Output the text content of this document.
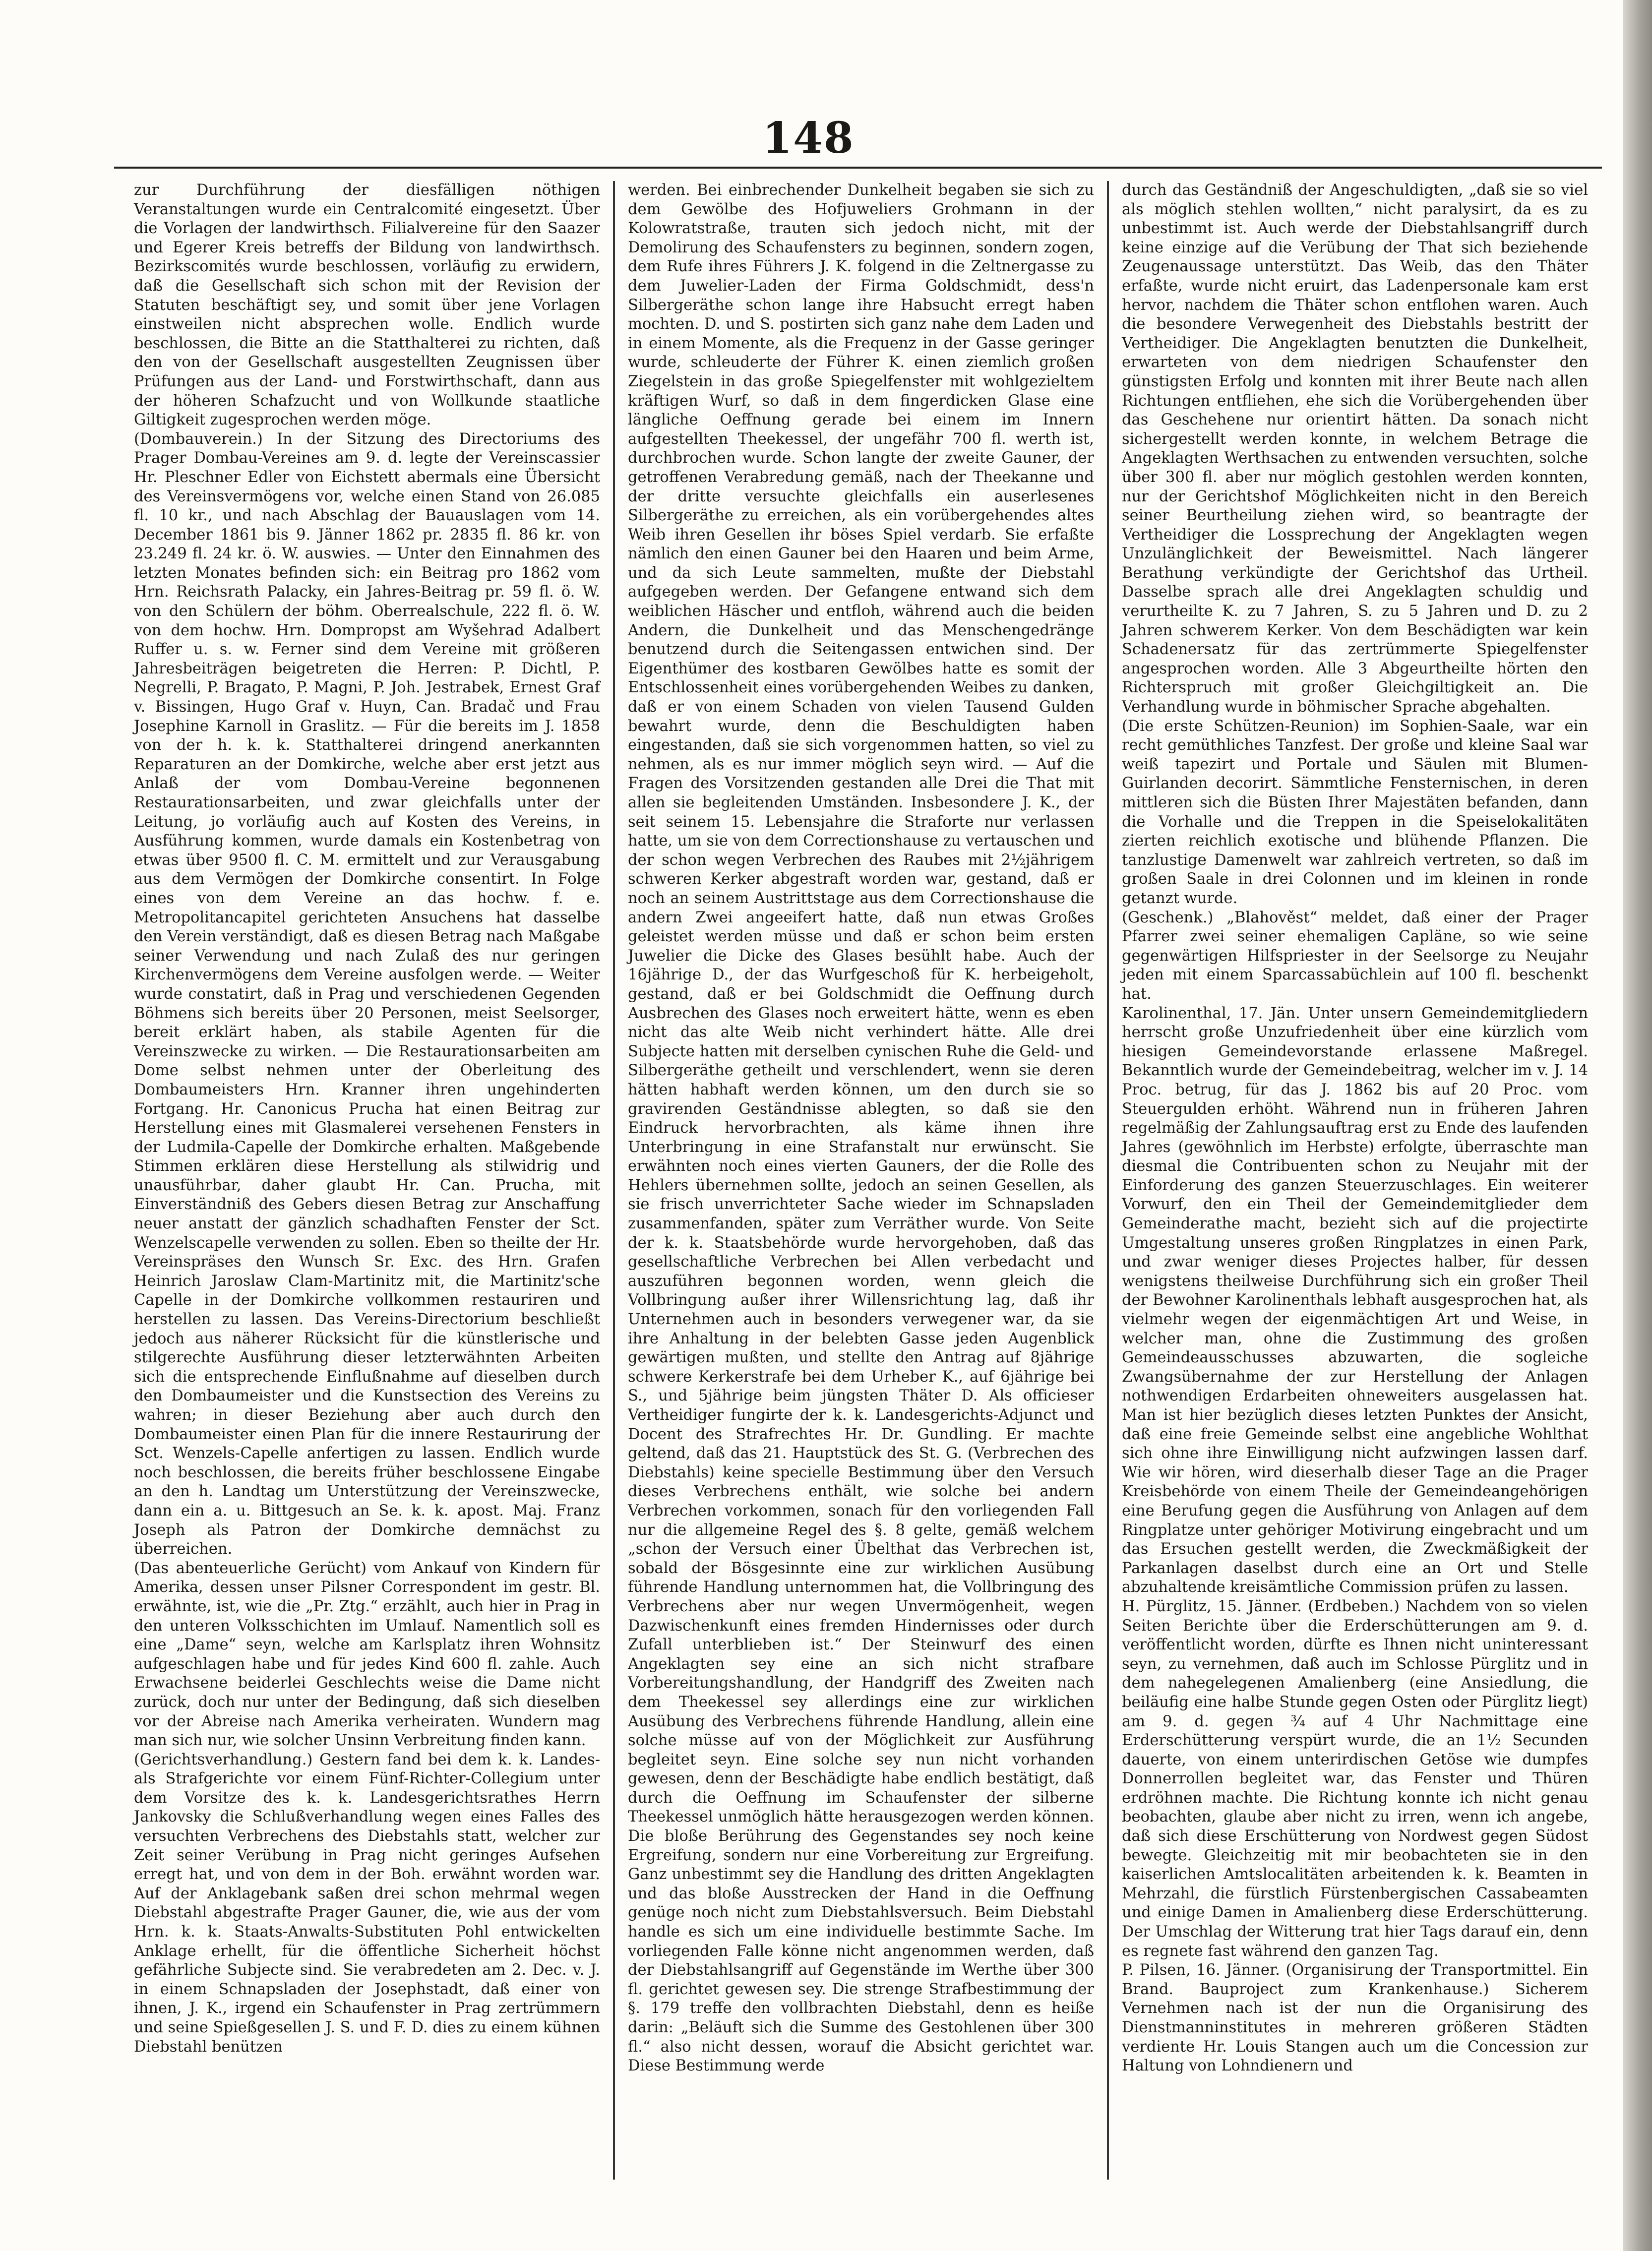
148

zur Durchführung der diesfälligen nöthigen Veranstaltungen wurde ein Centralcomité eingesetzt. Über die Vorlagen der landwirthsch. Filialvereine für den Saazer und Egerer Kreis betreffs der Bildung von landwirthsch. Bezirkscomités wurde beschlossen, vorläufig zu erwidern, daß die Gesellschaft sich schon mit der Revision der Statuten beschäftigt sey, und somit über jene Vorlagen einstweilen nicht absprechen wolle. Endlich wurde beschlossen, die Bitte an die Statthalterei zu richten, daß den von der Gesellschaft ausgestellten Zeugnissen über Prüfungen aus der Land- und Forstwirthschaft, dann aus der höheren Schafzucht und von Wollkunde staatliche Giltigkeit zugesprochen werden möge.

(Dombauverein.) In der Sitzung des Directoriums des Prager Dombau-Vereines am 9. d. legte der Vereinscassier Hr. Pleschner Edler von Eichstett abermals eine Übersicht des Vereinsvermögens vor, welche einen Stand von 26.085 fl. 10 kr., und nach Abschlag der Bauauslagen vom 14. December 1861 bis 9. Jänner 1862 pr. 2835 fl. 86 kr. von 23.249 fl. 24 kr. ö. W. auswies. — Unter den Einnahmen des letzten Monates befinden sich: ein Beitrag pro 1862 vom Hrn. Reichsrath Palacky, ein Jahres-Beitrag pr. 59 fl. ö. W. von den Schülern der böhm. Oberrealschule, 222 fl. ö. W. von dem hochw. Hrn. Dompropst am Wyšehrad Adalbert Ruffer u. s. w. Ferner sind dem Vereine mit größeren Jahresbeiträgen beigetreten die Herren: P. Dichtl, P. Negrelli, P. Bragato, P. Magni, P. Joh. Jestrabek, Ernest Graf v. Bissingen, Hugo Graf v. Huyn, Can. Bradač und Frau Josephine Karnoll in Graslitz. — Für die bereits im J. 1858 von der h. k. k. Statthalterei dringend anerkannten Reparaturen an der Domkirche, welche aber erst jetzt aus Anlaß der vom Dombau-Vereine begonnenen Restaurationsarbeiten, und zwar gleichfalls unter der Leitung, jo vorläufig auch auf Kosten des Vereins, in Ausführung kommen, wurde damals ein Kostenbetrag von etwas über 9500 fl. C. M. ermittelt und zur Verausgabung aus dem Vermögen der Domkirche consentirt. In Folge eines von dem Vereine an das hochw. f. e. Metropolitancapitel gerichteten Ansuchens hat dasselbe den Verein verständigt, daß es diesen Betrag nach Maßgabe seiner Verwendung und nach Zulaß des nur geringen Kirchenvermögens dem Vereine ausfolgen werde. — Weiter wurde constatirt, daß in Prag und verschiedenen Gegenden Böhmens sich bereits über 20 Personen, meist Seelsorger, bereit erklärt haben, als stabile Agenten für die Vereinszwecke zu wirken. — Die Restaurationsarbeiten am Dome selbst nehmen unter der Oberleitung des Dombaumeisters Hrn. Kranner ihren ungehinderten Fortgang. Hr. Canonicus Prucha hat einen Beitrag zur Herstellung eines mit Glasmalerei versehenen Fensters in der Ludmila-Capelle der Domkirche erhalten. Maßgebende Stimmen erklären diese Herstellung als stilwidrig und unausführbar, daher glaubt Hr. Can. Prucha, mit Einverständniß des Gebers diesen Betrag zur Anschaffung neuer anstatt der gänzlich schadhaften Fenster der Sct. Wenzelscapelle verwenden zu sollen. Eben so theilte der Hr. Vereinspräses den Wunsch Sr. Exc. des Hrn. Grafen Heinrich Jaroslaw Clam-Martinitz mit, die Martinitz'sche Capelle in der Domkirche vollkommen restauriren und herstellen zu lassen. Das Vereins-Directorium beschließt jedoch aus näherer Rücksicht für die künstlerische und stilgerechte Ausführung dieser letzterwähnten Arbeiten sich die entsprechende Einflußnahme auf dieselben durch den Dombaumeister und die Kunstsection des Vereins zu wahren; in dieser Beziehung aber auch durch den Dombaumeister einen Plan für die innere Restaurirung der Sct. Wenzels-Capelle anfertigen zu lassen. Endlich wurde noch beschlossen, die bereits früher beschlossene Eingabe an den h. Landtag um Unterstützung der Vereinszwecke, dann ein a. u. Bittgesuch an Se. k. k. apost. Maj. Franz Joseph als Patron der Domkirche demnächst zu überreichen.

(Das abenteuerliche Gerücht) vom Ankauf von Kindern für Amerika, dessen unser Pilsner Correspondent im gestr. Bl. erwähnte, ist, wie die „Pr. Ztg.“ erzählt, auch hier in Prag in den unteren Volksschichten im Umlauf. Namentlich soll es eine „Dame“ seyn, welche am Karlsplatz ihren Wohnsitz aufgeschlagen habe und für jedes Kind 600 fl. zahle. Auch Erwachsene beiderlei Geschlechts weise die Dame nicht zurück, doch nur unter der Bedingung, daß sich dieselben vor der Abreise nach Amerika verheiraten. Wundern mag man sich nur, wie solcher Unsinn Verbreitung finden kann.

(Gerichtsverhandlung.) Gestern fand bei dem k. k. Landes- als Strafgerichte vor einem Fünf-Richter-Collegium unter dem Vorsitze des k. k. Landesgerichtsrathes Herrn Jankovsky die Schlußverhandlung wegen eines Falles des versuchten Verbrechens des Diebstahls statt, welcher zur Zeit seiner Verübung in Prag nicht geringes Aufsehen erregt hat, und von dem in der Boh. erwähnt worden war. Auf der Anklagebank saßen drei schon mehrmal wegen Diebstahl abgestrafte Prager Gauner, die, wie aus der vom Hrn. k. k. Staats-Anwalts-Substituten Pohl entwickelten Anklage erhellt, für die öffentliche Sicherheit höchst gefährliche Subjecte sind. Sie verabredeten am 2. Dec. v. J. in einem Schnapsladen der Josephstadt, daß einer von ihnen, J. K., irgend ein Schaufenster in Prag zertrümmern und seine Spießgesellen J. S. und F. D. dies zu einem kühnen Diebstahl benützen

werden. Bei einbrechender Dunkelheit begaben sie sich zu dem Gewölbe des Hofjuweliers Grohmann in der Kolowratstraße, trauten sich jedoch nicht, mit der Demolirung des Schaufensters zu beginnen, sondern zogen, dem Rufe ihres Führers J. K. folgend in die Zeltnergasse zu dem Juwelier-Laden der Firma Goldschmidt, dess'n Silbergeräthe schon lange ihre Habsucht erregt haben mochten. D. und S. postirten sich ganz nahe dem Laden und in einem Momente, als die Frequenz in der Gasse geringer wurde, schleuderte der Führer K. einen ziemlich großen Ziegelstein in das große Spiegelfenster mit wohlgezieltem kräftigen Wurf, so daß in dem fingerdicken Glase eine längliche Oeffnung gerade bei einem im Innern aufgestellten Theekessel, der ungefähr 700 fl. werth ist, durchbrochen wurde. Schon langte der zweite Gauner, der getroffenen Verabredung gemäß, nach der Theekanne und der dritte versuchte gleichfalls ein auserlesenes Silbergeräthe zu erreichen, als ein vorübergehendes altes Weib ihren Gesellen ihr böses Spiel verdarb. Sie erfaßte nämlich den einen Gauner bei den Haaren und beim Arme, und da sich Leute sammelten, mußte der Diebstahl aufgegeben werden. Der Gefangene entwand sich dem weiblichen Häscher und entfloh, während auch die beiden Andern, die Dunkelheit und das Menschengedränge benutzend durch die Seitengassen entwichen sind. Der Eigenthümer des kostbaren Gewölbes hatte es somit der Entschlossenheit eines vorübergehenden Weibes zu danken, daß er von einem Schaden von vielen Tausend Gulden bewahrt wurde, denn die Beschuldigten haben eingestanden, daß sie sich vorgenommen hatten, so viel zu nehmen, als es nur immer möglich seyn wird. — Auf die Fragen des Vorsitzenden gestanden alle Drei die That mit allen sie begleitenden Umständen. Insbesondere J. K., der seit seinem 15. Lebensjahre die Straforte nur verlassen hatte, um sie von dem Correctionshause zu vertauschen und der schon wegen Verbrechen des Raubes mit 2½jährigem schweren Kerker abgestraft worden war, gestand, daß er noch an seinem Austrittstage aus dem Correctionshause die andern Zwei angeeifert hatte, daß nun etwas Großes geleistet werden müsse und daß er schon beim ersten Juwelier die Dicke des Glases besühlt habe. Auch der 16jährige D., der das Wurfgeschoß für K. herbeigeholt, gestand, daß er bei Goldschmidt die Oeffnung durch Ausbrechen des Glases noch erweitert hätte, wenn es eben nicht das alte Weib nicht verhindert hätte. Alle drei Subjecte hatten mit derselben cynischen Ruhe die Geld- und Silbergeräthe getheilt und verschlendert, wenn sie deren hätten habhaft werden können, um den durch sie so gravirenden Geständnisse ablegten, so daß sie den Eindruck hervorbrachten, als käme ihnen ihre Unterbringung in eine Strafanstalt nur erwünscht. Sie erwähnten noch eines vierten Gauners, der die Rolle des Hehlers übernehmen sollte, jedoch an seinen Gesellen, als sie frisch unverrichteter Sache wieder im Schnapsladen zusammenfanden, später zum Verräther wurde. Von Seite der k. k. Staatsbehörde wurde hervorgehoben, daß das gesellschaftliche Verbrechen bei Allen verbedacht und auszuführen begonnen worden, wenn gleich die Vollbringung außer ihrer Willensrichtung lag, daß ihr Unternehmen auch in besonders verwegener war, da sie ihre Anhaltung in der belebten Gasse jeden Augenblick gewärtigen mußten, und stellte den Antrag auf 8jährige schwere Kerkerstrafe bei dem Urheber K., auf 6jährige bei S., und 5jährige beim jüngsten Thäter D. Als officieser Vertheidiger fungirte der k. k. Landesgerichts-Adjunct und Docent des Strafrechtes Hr. Dr. Gundling. Er machte geltend, daß das 21. Hauptstück des St. G. (Verbrechen des Diebstahls) keine specielle Bestimmung über den Versuch dieses Verbrechens enthält, wie solche bei andern Verbrechen vorkommen, sonach für den vorliegenden Fall nur die allgemeine Regel des §. 8 gelte, gemäß welchem „schon der Versuch einer Übelthat das Verbrechen ist, sobald der Bösgesinnte eine zur wirklichen Ausübung führende Handlung unternommen hat, die Vollbringung des Verbrechens aber nur wegen Unvermögenheit, wegen Dazwischenkunft eines fremden Hindernisses oder durch Zufall unterblieben ist.“ Der Steinwurf des einen Angeklagten sey eine an sich nicht strafbare Vorbereitungshandlung, der Handgriff des Zweiten nach dem Theekessel sey allerdings eine zur wirklichen Ausübung des Verbrechens führende Handlung, allein eine solche müsse auf von der Möglichkeit zur Ausführung begleitet seyn. Eine solche sey nun nicht vorhanden gewesen, denn der Beschädigte habe endlich bestätigt, daß durch die Oeffnung im Schaufenster der silberne Theekessel unmöglich hätte herausgezogen werden können. Die bloße Berührung des Gegenstandes sey noch keine Ergreifung, sondern nur eine Vorbereitung zur Ergreifung. Ganz unbestimmt sey die Handlung des dritten Angeklagten und das bloße Ausstrecken der Hand in die Oeffnung genüge noch nicht zum Diebstahlsversuch. Beim Diebstahl handle es sich um eine individuelle bestimmte Sache. Im vorliegenden Falle könne nicht angenommen werden, daß der Diebstahlsangriff auf Gegenstände im Werthe über 300 fl. gerichtet gewesen sey. Die strenge Strafbestimmung der §. 179 treffe den vollbrachten Diebstahl, denn es heiße darin: „Beläuft sich die Summe des Gestohlenen über 300 fl.“ also nicht dessen, worauf die Absicht gerichtet war. Diese Bestimmung werde

durch das Geständniß der Angeschuldigten, „daß sie so viel als möglich stehlen wollten,“ nicht paralysirt, da es zu unbestimmt ist. Auch werde der Diebstahlsangriff durch keine einzige auf die Verübung der That sich beziehende Zeugenaussage unterstützt. Das Weib, das den Thäter erfaßte, wurde nicht eruirt, das Ladenpersonale kam erst hervor, nachdem die Thäter schon entflohen waren. Auch die besondere Verwegenheit des Diebstahls bestritt der Vertheidiger. Die Angeklagten benutzten die Dunkelheit, erwarteten von dem niedrigen Schaufenster den günstigsten Erfolg und konnten mit ihrer Beute nach allen Richtungen entfliehen, ehe sich die Vorübergehenden über das Geschehene nur orientirt hätten. Da sonach nicht sichergestellt werden konnte, in welchem Betrage die Angeklagten Werthsachen zu entwenden versuchten, solche über 300 fl. aber nur möglich gestohlen werden konnten, nur der Gerichtshof Möglichkeiten nicht in den Bereich seiner Beurtheilung ziehen wird, so beantragte der Vertheidiger die Lossprechung der Angeklagten wegen Unzulänglichkeit der Beweismittel. Nach längerer Berathung verkündigte der Gerichtshof das Urtheil. Dasselbe sprach alle drei Angeklagten schuldig und verurtheilte K. zu 7 Jahren, S. zu 5 Jahren und D. zu 2 Jahren schwerem Kerker. Von dem Beschädigten war kein Schadenersatz für das zertrümmerte Spiegelfenster angesprochen worden. Alle 3 Abgeurtheilte hörten den Richterspruch mit großer Gleichgiltigkeit an. Die Verhandlung wurde in böhmischer Sprache abgehalten.

(Die erste Schützen-Reunion) im Sophien-Saale, war ein recht gemüthliches Tanzfest. Der große und kleine Saal war weiß tapezirt und Portale und Säulen mit Blumen-Guirlanden decorirt. Sämmtliche Fensternischen, in deren mittleren sich die Büsten Ihrer Majestäten befanden, dann die Vorhalle und die Treppen in die Speiselokalitäten zierten reichlich exotische und blühende Pflanzen. Die tanzlustige Damenwelt war zahlreich vertreten, so daß im großen Saale in drei Colonnen und im kleinen in ronde getanzt wurde.

(Geschenk.) „Blahověst“ meldet, daß einer der Prager Pfarrer zwei seiner ehemaligen Capläne, so wie seine gegenwärtigen Hilfspriester in der Seelsorge zu Neujahr jeden mit einem Sparcassabüchlein auf 100 fl. beschenkt hat.

Karolinenthal, 17. Jän. Unter unsern Gemeindemitgliedern herrscht große Unzufriedenheit über eine kürzlich vom hiesigen Gemeindevorstande erlassene Maßregel. Bekanntlich wurde der Gemeindebeitrag, welcher im v. J. 14 Proc. betrug, für das J. 1862 bis auf 20 Proc. vom Steuergulden erhöht. Während nun in früheren Jahren regelmäßig der Zahlungsauftrag erst zu Ende des laufenden Jahres (gewöhnlich im Herbste) erfolgte, überraschte man diesmal die Contribuenten schon zu Neujahr mit der Einforderung des ganzen Steuerzuschlages. Ein weiterer Vorwurf, den ein Theil der Gemeindemitglieder dem Gemeinderathe macht, bezieht sich auf die projectirte Umgestaltung unseres großen Ringplatzes in einen Park, und zwar weniger dieses Projectes halber, für dessen wenigstens theilweise Durchführung sich ein großer Theil der Bewohner Karolinenthals lebhaft ausgesprochen hat, als vielmehr wegen der eigenmächtigen Art und Weise, in welcher man, ohne die Zustimmung des großen Gemeindeausschusses abzuwarten, die sogleiche Zwangsübernahme der zur Herstellung der Anlagen nothwendigen Erdarbeiten ohneweiters ausgelassen hat. Man ist hier bezüglich dieses letzten Punktes der Ansicht, daß eine freie Gemeinde selbst eine angebliche Wohlthat sich ohne ihre Einwilligung nicht aufzwingen lassen darf. Wie wir hören, wird dieserhalb dieser Tage an die Prager Kreisbehörde von einem Theile der Gemeindeangehörigen eine Berufung gegen die Ausführung von Anlagen auf dem Ringplatze unter gehöriger Motivirung eingebracht und um das Ersuchen gestellt werden, die Zweckmäßigkeit der Parkanlagen daselbst durch eine an Ort und Stelle abzuhaltende kreisämtliche Commission prüfen zu lassen.

H. Pürglitz, 15. Jänner. (Erdbeben.) Nachdem von so vielen Seiten Berichte über die Erderschütterungen am 9. d. veröffentlicht worden, dürfte es Ihnen nicht uninteressant seyn, zu vernehmen, daß auch im Schlosse Pürglitz und in dem nahegelegenen Amalienberg (eine Ansiedlung, die beiläufig eine halbe Stunde gegen Osten oder Pürglitz liegt) am 9. d. gegen ¾ auf 4 Uhr Nachmittage eine Erderschütterung verspürt wurde, die an 1½ Secunden dauerte, von einem unterirdischen Getöse wie dumpfes Donnerrollen begleitet war, das Fenster und Thüren erdröhnen machte. Die Richtung konnte ich nicht genau beobachten, glaube aber nicht zu irren, wenn ich angebe, daß sich diese Erschütterung von Nordwest gegen Südost bewegte. Gleichzeitig mit mir beobachteten sie in den kaiserlichen Amtslocalitäten arbeitenden k. k. Beamten in Mehrzahl, die fürstlich Fürstenbergischen Cassabeamten und einige Damen in Amalienberg diese Erderschütterung. Der Umschlag der Witterung trat hier Tags darauf ein, denn es regnete fast während den ganzen Tag.

P. Pilsen, 16. Jänner. (Organisirung der Transportmittel. Ein Brand. Bauproject zum Krankenhause.) Sicherem Vernehmen nach ist der nun die Organisirung des Dienstmanninstitutes in mehreren größeren Städten verdiente Hr. Louis Stangen auch um die Concession zur Haltung von Lohndienern und
